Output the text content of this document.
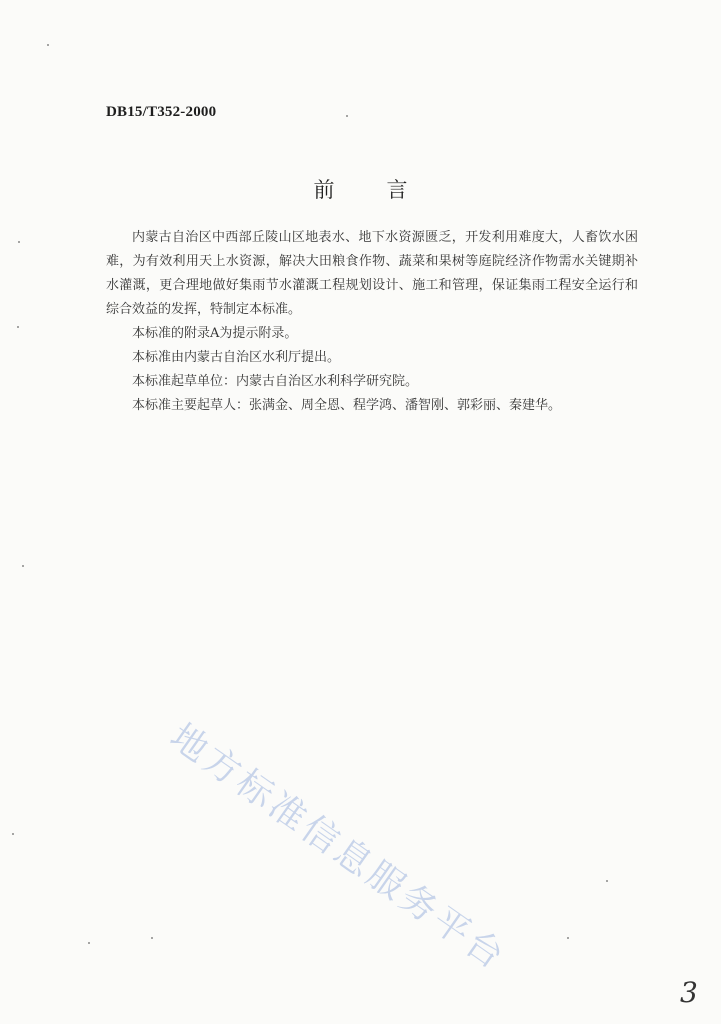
DB15/T352-2000
前 言

内蒙古自治区中西部丘陵山区地表水、地下水资源匮乏，开发利用难度大，人畜饮水困难，为有效利用天上水资源，解决大田粮食作物、蔬菜和果树等庭院经济作物需水关键期补水灌溉，更合理地做好集雨节水灌溉工程规划设计、施工和管理，保证集雨工程安全运行和综合效益的发挥，特制定本标准。

本标准的附录A为提示附录。

本标准由内蒙古自治区水利厅提出。

本标准起草单位：内蒙古自治区水利科学研究院。

本标准主要起草人：张满金、周全恩、程学鸿、潘智刚、郭彩丽、秦建华。

地方标准信息服务平台
3
